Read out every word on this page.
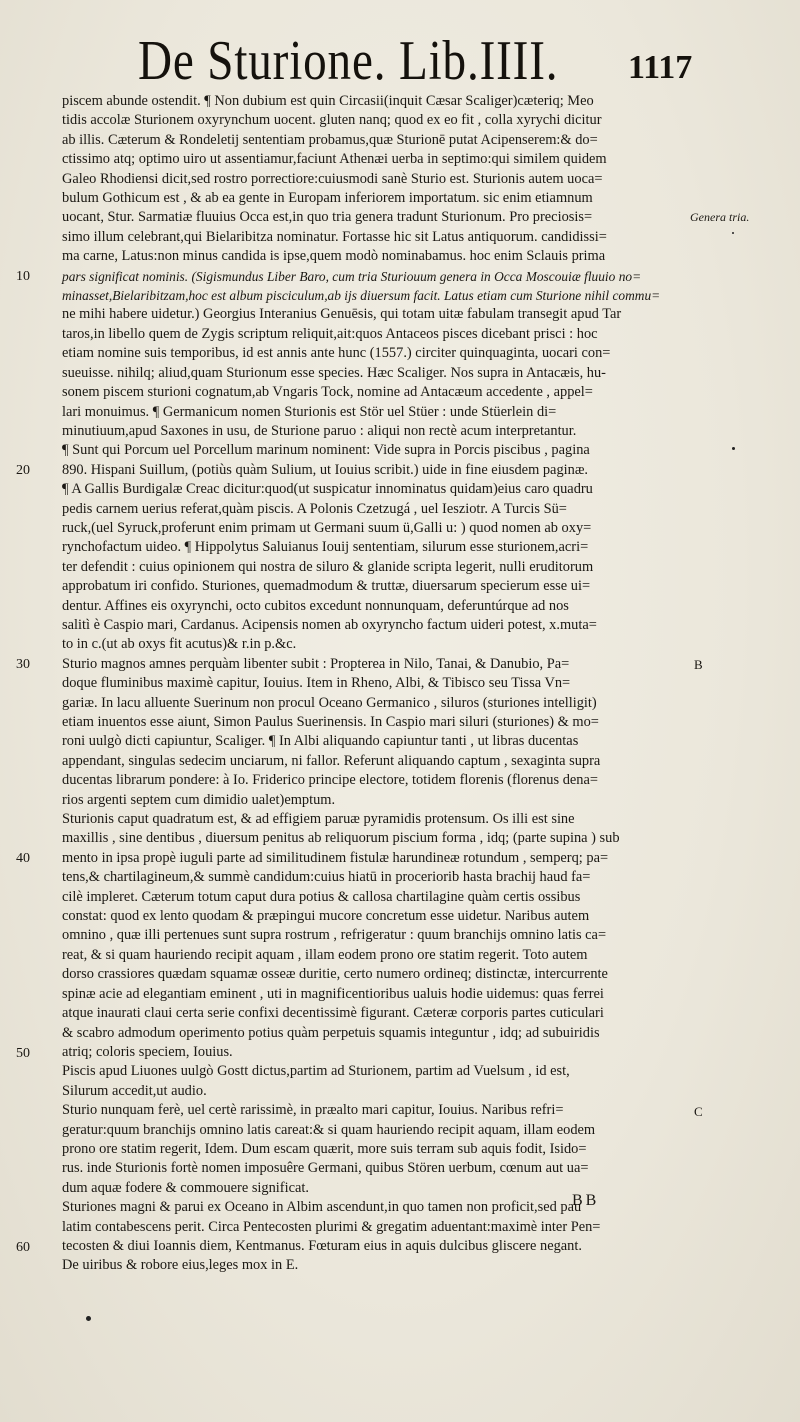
De Sturione. Lib.IIII. 1117
piscem abunde ostendit. ¶ Non dubium est quin Circasii(inquit Cæsar Scaliger)cæteriq; Meo
tidis accolæ Sturionem oxyrynchum uocent. gluten nanq; quod ex eo fit , colla xyrychi dicitur
ab illis. Cæterum & Rondeletij sententiam probamus,quæ Sturionē putat Acipenserem:& do=
ctissimo atq; optimo uiro ut assentiamur,faciunt Athenæi uerba in septimo:qui similem quidem
Galeo Rhodiensi dicit,sed rostro porrectiore:cuiusmodi sanè Sturio est. Sturionis autem uoca=
bulum Gothicum est , & ab ea gente in Europam inferiorem importatum. sic enim etiamnum
uocant, Stur. Sarmatiæ fluuius Occa est,in quo tria genera tradunt Sturionum. Pro preciosis=
simo illum celebrant,qui Bielaribitza nominatur. Fortasse hic sit Latus antiquorum. candidissi=
ma carne, Latus:non minus candida is ipse,quem modò nominabamus. hoc enim Sclauis prima
pars significat nominis. (Sigismundus Liber Baro, cum tria Sturiouum genera in Occa Moscouiæ fluuio no=
minasset,Bielaribitzam,hoc est album pisciculum,ab ijs diuersum facit. Latus etiam cum Sturione nihil commu=
ne mihi habere uidetur.) Georgius Interanius Genuēsis, qui totam uitæ fabulam transegit apud Tar
taros,in libello quem de Zygis scriptum reliquit,ait:quos Antaceos pisces dicebant prisci : hoc
etiam nomine suis temporibus, id est annis ante hunc (1557.) circiter quinquaginta, uocari con=
sueuisse. nihilq; aliud,quam Sturionum esse species. Hæc Scaliger. Nos supra in Antacæis, hu-
sonem piscem sturioni cognatum,ab Vngaris Tock, nomine ad Antacæum accedente , appel=
lari monuimus. ¶ Germanicum nomen Sturionis est Stör uel Stüer : unde Stüerlein di=
minutiuum,apud Saxones in usu, de Sturione paruo : aliqui non rectè acum interpretantur.
¶ Sunt qui Porcum uel Porcellum marinum nominent: Vide supra in Porcis piscibus , pagina
890. Hispani Suillum, (potiùs quàm Sulium, ut Iouius scribit.) uide in fine eiusdem paginæ.
¶ A Gallis Burdigalæ Creac dicitur:quod(ut suspicatur innominatus quidam)eius caro quadru
pedis carnem uerius referat,quàm piscis. A Polonis Czetzugá , uel Iesziotr. A Turcis Sü=
ruck,(uel Syruck,proferunt enim primam ut Germani suum ü,Galli u: ) quod nomen ab oxy=
rynchofactum uideo. ¶ Hippolytus Saluianus Iouij sententiam, silurum esse sturionem,acri=
ter defendit : cuius opinionem qui nostra de siluro & glanide scripta legerit, nulli eruditorum
approbatum iri confido. Sturiones, quemadmodum & truttæ, diuersarum specierum esse ui=
dentur. Affines eis oxyrynchi, octo cubitos excedunt nonnunquam, deferuntúrque ad nos
salitì è Caspio mari, Cardanus. Acipensis nomen ab oxyryncho factum uideri potest, x.muta=
to in c.(ut ab oxys fit acutus)& r.in p.&c.
Sturio magnos amnes perquàm libenter subit : Propterea in Nilo, Tanai, & Danubio, Pa=
doque fluminibus maximè capitur, Iouius. Item in Rheno, Albi, & Tibisco seu Tissa Vn=
gariæ. In lacu alluente Suerinum non procul Oceano Germanico , siluros (sturiones intelligit)
etiam inuentos esse aiunt, Simon Paulus Suerinensis. In Caspio mari siluri (sturiones) & mo=
roni uulgò dicti capiuntur, Scaliger. ¶ In Albi aliquando capiuntur tanti , ut libras ducentas
appendant, singulas sedecim unciarum, ni fallor. Referunt aliquando captum , sexaginta supra
ducentas librarum pondere: à Io. Friderico principe electore, totidem florenis (florenus dena=
rios argenti septem cum dimidio ualet)emptum.
Sturionis caput quadratum est, & ad effigiem paruæ pyramidis protensum. Os illi est sine
maxillis , sine dentibus , diuersum penitus ab reliquorum piscium forma , idq; (parte supina ) sub
mento in ipsa propè iuguli parte ad similitudinem fistulæ harundineæ rotundum , semperq; pa=
tens,& chartilagineum,& summè candidum:cuius hiatū in proceriorib hasta brachij haud fa=
cilè impleret. Cæterum totum caput dura potius & callosa chartilagine quàm certis ossibus
constat: quod ex lento quodam & præpingui mucore concretum esse uidetur. Naribus autem
omnino , quæ illi pertenues sunt supra rostrum , refrigeratur : quum branchijs omnino latis ca=
reat, & si quam hauriendo recipit aquam , illam eodem prono ore statim regerit. Toto autem
dorso crassiores quædam squamæ osseæ duritie, certo numero ordineq; distinctæ, intercurrente
spinæ acie ad elegantiam eminent , uti in magnificentioribus ualuis hodie uidemus: quas ferrei
atque inaurati claui certa serie confixi decentissimè figurant. Cæteræ corporis partes cuticulari
& scabro admodum operimento potius quàm perpetuis squamis integuntur , idq; ad subuiridis
atriq; coloris speciem, Iouius.
Piscis apud Liuones uulgò Gostt dictus,partim ad Sturionem, partim ad Vuelsum , id est,
Silurum accedit,ut audio.
Sturio nunquam ferè, uel certè rarissimè, in præalto mari capitur, Iouius. Naribus refri=
geratur:quum branchijs omnino latis careat:& si quam hauriendo recipit aquam, illam eodem
prono ore statim regerit, Idem. Dum escam quærit, more suis terram sub aquis fodit, Isido=
rus. inde Sturionis fortè nomen imposuêre Germani, quibus Stören uerbum, cœnum aut ua=
dum aquæ fodere & commouere significat.
Sturiones magni & parui ex Oceano in Albim ascendunt,in quo tamen non proficit,sed pau
latim contabescens perit. Circa Pentecosten plurimi & gregatim aduentant:maximè inter Pen=
tecosten & diui Ioannis diem, Kentmanus. Fœturam eius in aquis dulcibus gliscere negant.
De uiribus & robore eius,leges mox in E.
10
20
30
40
50
60
Genera tria.
B
C
BB
